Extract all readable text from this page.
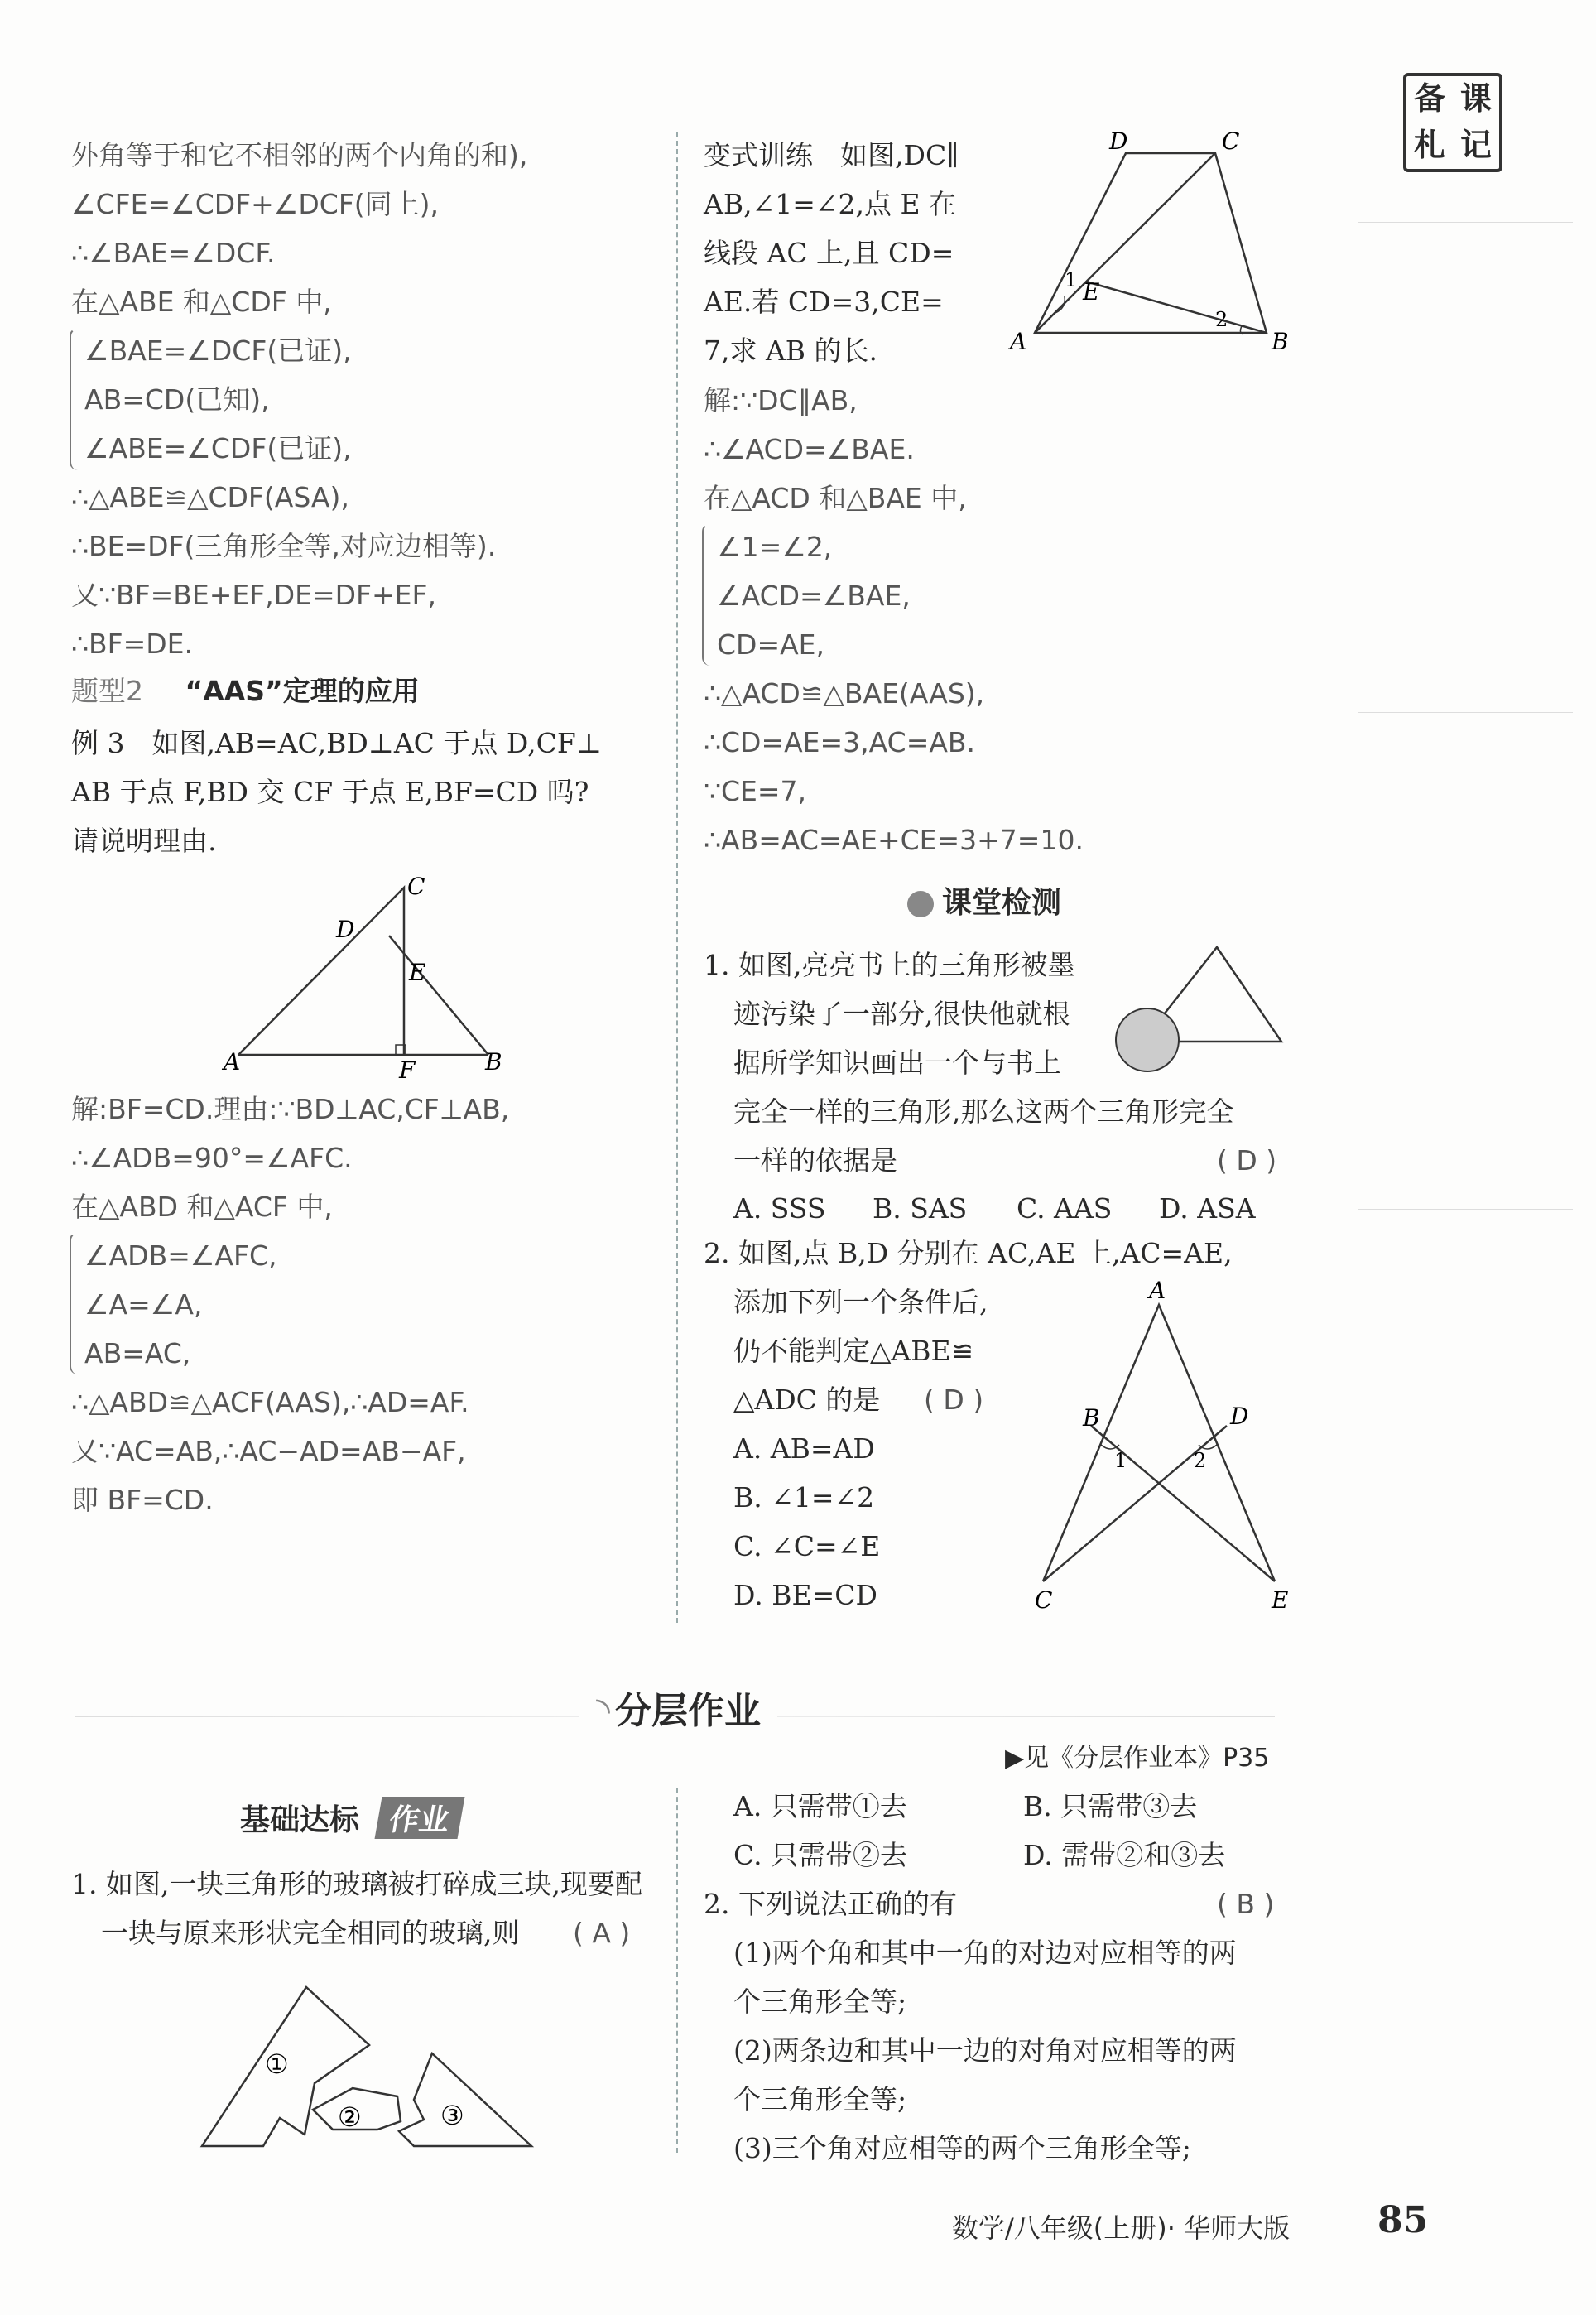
备 课
札 记
外角等于和它不相邻的两个内角的和),
∠CFE=∠CDF+∠DCF(同上),
∴∠BAE=∠DCF.
在△ABE 和△CDF 中,
∠BAE=∠DCF(已证),
AB=CD(已知),
∠ABE=∠CDF(已证),
∴△ABE≌△CDF(ASA),
∴BE=DF(三角形全等,对应边相等).
又∵BF=BE+EF,DE=DF+EF,
∴BF=DE.
题型2 “AAS”定理的应用
例 3　如图,AB=AC,BD⊥AC 于点 D,CF⊥
AB 于点 F,BD 交 CF 于点 E,BF=CD 吗?
请说明理由.
A	B
C
D
E
F
解:BF=CD.理由:∵BD⊥AC,CF⊥AB,
∴∠ADB=90°=∠AFC.
在△ABD 和△ACF 中,
∠ADB=∠AFC,
∠A=∠A,
AB=AC,
∴△ABD≌△ACF(AAS),∴AD=AF.
又∵AC=AB,∴AC−AD=AB−AF,
即 BF=CD.
变式训练　如图,DC∥
AB,∠1=∠2,点 E 在
线段 AC 上,且 CD=
AE.若 CD=3,CE=
7,求 AB 的长.	A	B
C
D
E
1
2
解:∵DC∥AB,
∴∠ACD=∠BAE.
在△ACD 和△BAE 中,
∠1=∠2,
∠ACD=∠BAE,
CD=AE,
∴△ACD≌△BAE(AAS),
∴CD=AE=3,AC=AB.
∵CE=7,
∴AB=AC=AE+CE=3+7=10.
课堂检测
1. 如图,亮亮书上的三角形被墨
迹污染了一部分,很快他就根
据所学知识画出一个与书上
完全一样的三角形,那么这两个三角形完全
一样的依据是	( D )
A. SSS B. SAS C. AAS D. ASA
2. 如图,点 B,D 分别在 AC,AE 上,AC=AE,
添加下列一个条件后,
仍不能判定△ABE≌
△ADC 的是
A. AB=AD
B. ∠1=∠2
C. ∠C=∠E
D. BE=CD
( D )
A
B
C
D
E
1	2
◝ 分层作业
▶见《分层作业本》P35
基础达标 作业
1. 如图,一块三角形的玻璃被打碎成三块,现要配
一块与原来形状完全相同的玻璃,则	( A )
①
②	③
A. 只需带①去	B. 只需带③去
C. 只需带②去	D. 需带②和③去
2. 下列说法正确的有
(1)两个角和其中一角的对边对应相等的两
个三角形全等;
(2)两条边和其中一边的对角对应相等的两
个三角形全等;
(3)三个角对应相等的两个三角形全等;
( B )
数学/八年级(上册)· 华师大版 85
